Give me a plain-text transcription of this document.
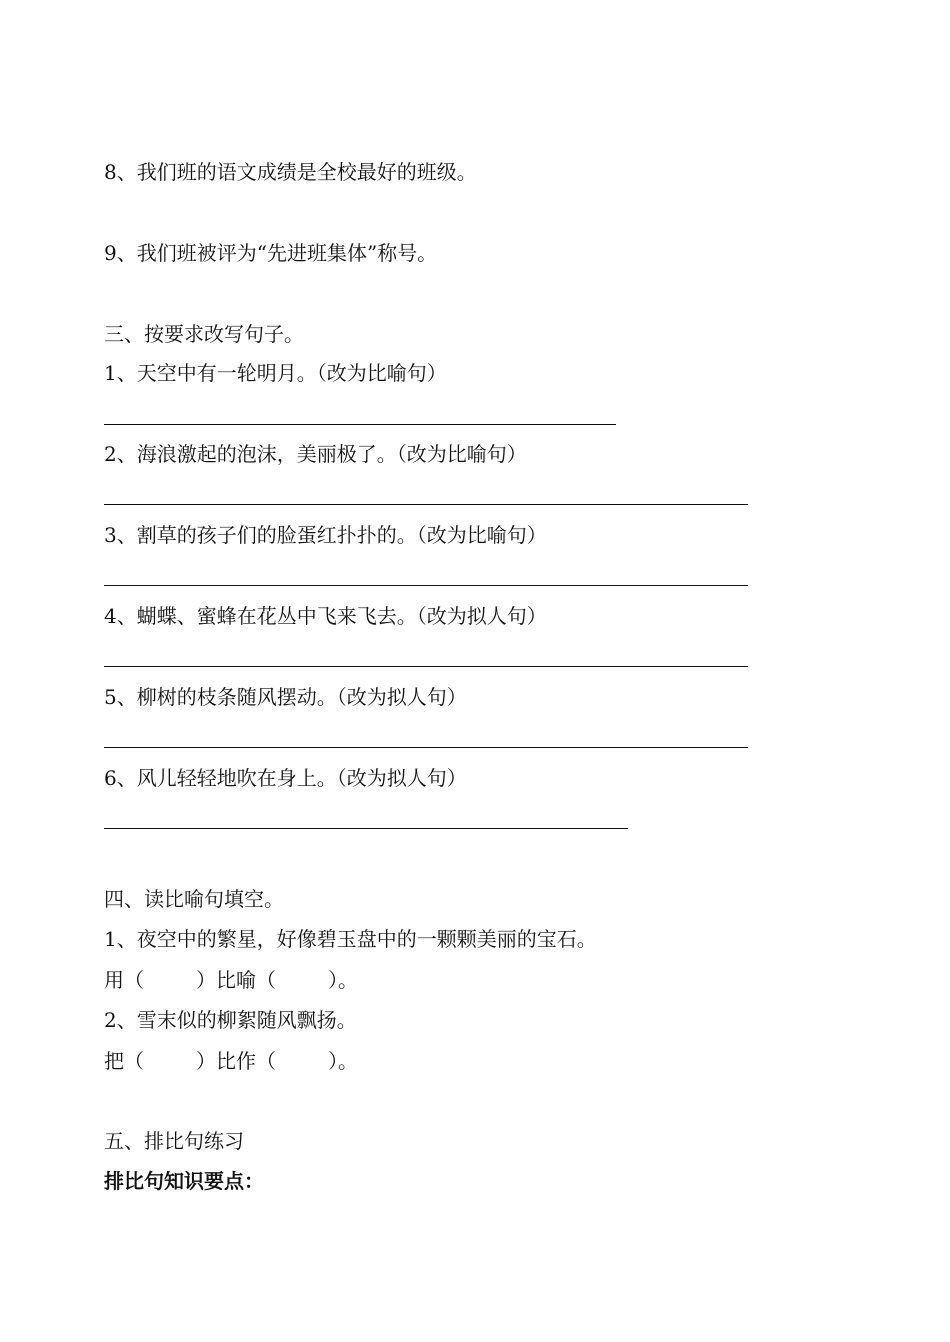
8、我们班的语文成绩是全校最好的班级。
9、我们班被评为“先进班集体”称号。
三、按要求改写句子。
1、天空中有一轮明月。（改为比喻句）
2、海浪激起的泡沫，美丽极了。（改为比喻句）
3、割草的孩子们的脸蛋红扑扑的。（改为比喻句）
4、蝴蝶、蜜蜂在花丛中飞来飞去。（改为拟人句）
5、柳树的枝条随风摆动。（改为拟人句）
6、风儿轻轻地吹在身上。（改为拟人句）
四、读比喻句填空。
1、夜空中的繁星，好像碧玉盘中的一颗颗美丽的宝石。
用（	）比喻（	）。
2、雪末似的柳絮随风飘扬。
把（	）比作（	）。
五、排比句练习
排比句知识要点：
